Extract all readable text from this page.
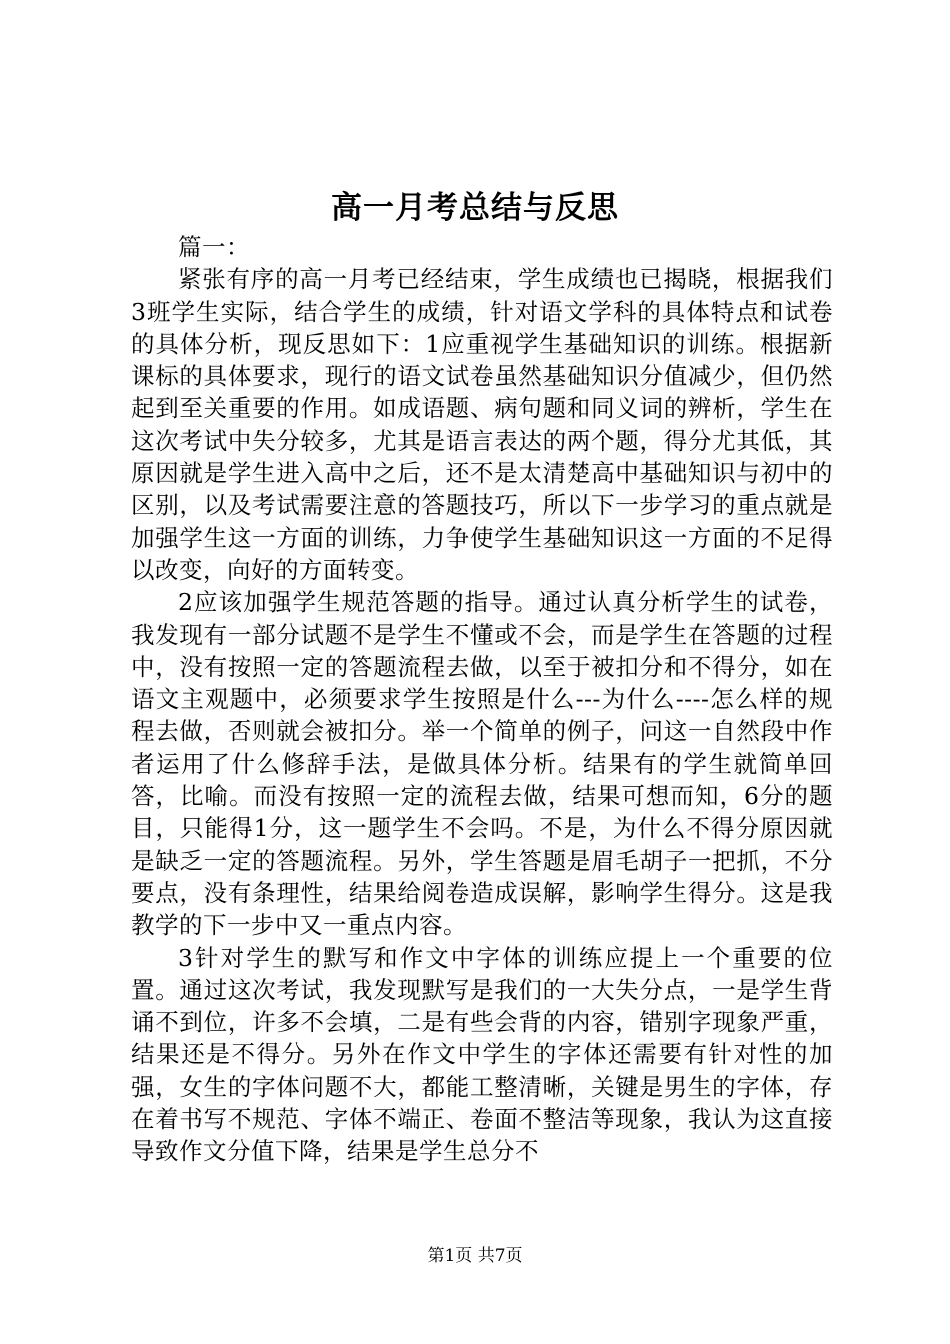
高一月考总结与反思

篇一：

紧张有序的高一月考已经结束，学生成绩也已揭晓，根据我们3班学生实际，结合学生的成绩，针对语文学科的具体特点和试卷的具体分析，现反思如下：1应重视学生基础知识的训练。根据新课标的具体要求，现行的语文试卷虽然基础知识分值减少，但仍然起到至关重要的作用。如成语题、病句题和同义词的辨析，学生在这次考试中失分较多，尤其是语言表达的两个题，得分尤其低，其原因就是学生进入高中之后，还不是太清楚高中基础知识与初中的区别，以及考试需要注意的答题技巧，所以下一步学习的重点就是加强学生这一方面的训练，力争使学生基础知识这一方面的不足得以改变，向好的方面转变。

2应该加强学生规范答题的指导。通过认真分析学生的试卷，我发现有一部分试题不是学生不懂或不会，而是学生在答题的过程中，没有按照一定的答题流程去做，以至于被扣分和不得分，如在语文主观题中，必须要求学生按照是什么---为什么----怎么样的规程去做，否则就会被扣分。举一个简单的例子，问这一自然段中作者运用了什么修辞手法，是做具体分析。结果有的学生就简单回答，比喻。而没有按照一定的流程去做，结果可想而知，6分的题目，只能得1分，这一题学生不会吗。不是，为什么不得分原因就是缺乏一定的答题流程。另外，学生答题是眉毛胡子一把抓，不分要点，没有条理性，结果给阅卷造成误解，影响学生得分。这是我教学的下一步中又一重点内容。

3针对学生的默写和作文中字体的训练应提上一个重要的位置。通过这次考试，我发现默写是我们的一大失分点，一是学生背诵不到位，许多不会填，二是有些会背的内容，错别字现象严重，结果还是不得分。另外在作文中学生的字体还需要有针对性的加强，女生的字体问题不大，都能工整清晰，关键是男生的字体，存在着书写不规范、字体不端正、卷面不整洁等现象，我认为这直接导致作文分值下降，结果是学生总分不

第1页 共7页
